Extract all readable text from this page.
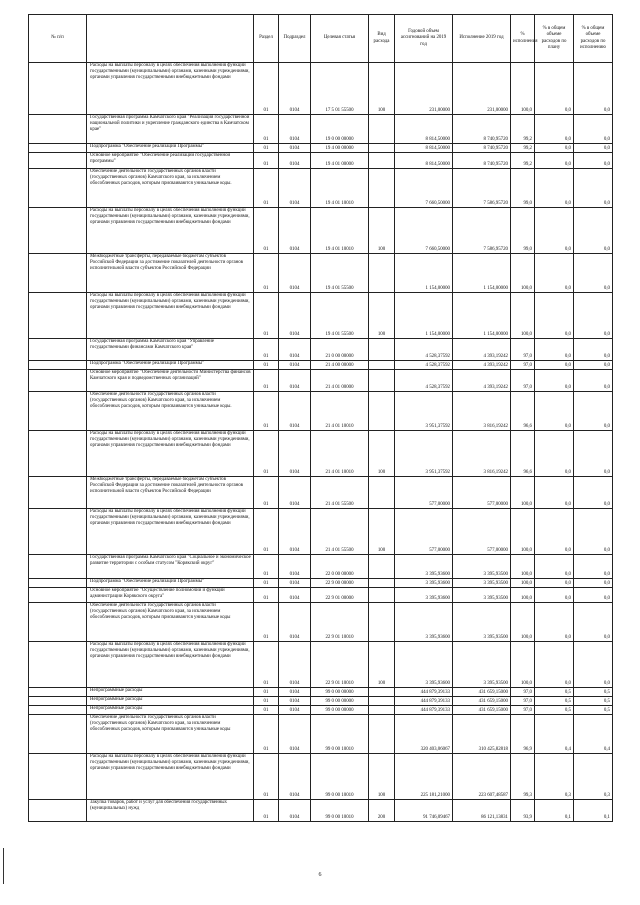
№ п/п		Раздел	Подраздел	Целевая статья	Вид расхода	Годовой объем ассигнований на 2019 год	Исполнение 2019 год	% исполнения	% в общем объеме расходов по плану	% в общем объеме расходов по исполнению
	Расходы на выплаты персоналу в целях обеспечения выполнения функций государственными (муниципальными) органами, казенными учреждениями, органами управления государственными внебюджетными фондами	01	0104	17 5 01 55500	100	231,00000	231,00000	100,0	0,0	0,0
	Государственная программа Камчатского края "Реализация государственной национальной политики и укрепление гражданского единства в Камчатском крае"	01	0104	19 0 00 00000		8 814,50000	8 740,95720	99,2	0,0	0,0
	Подпрограмма "Обеспечение реализации Программы"	01	0104	19 4 00 00000		8 814,50000	8 740,95720	99,2	0,0	0,0
	Основное мероприятие "Обеспечение реализации государственной программы"	01	0104	19 4 01 00000		8 814,50000	8 740,95720	99,2	0,0	0,0
	Обеспечение деятельности государственных органов власти (государственных органов) Камчатского края, за исключением обособленных расходов, которым присваиваются уникальные коды.	01	0104	19 4 01 10010		7 660,50000	7 586,95720	99,0	0,0	0,0
	Расходы на выплаты персоналу в целях обеспечения выполнения функций государственными (муниципальными) органами, казенными учреждениями, органами управления государственными внебюджетными фондами	01	0104	19 4 01 10010	100	7 660,50000	7 586,95720	99,0	0,0	0,0
	Межбюджетные трансферты, передаваемые бюджетам субъектов Российской Федерации за достижение показателей деятельности органов исполнительной власти субъектов Российской Федерации	01	0104	19 4 01 55500		1 154,00000	1 154,00000	100,0	0,0	0,0
	Расходы на выплаты персоналу в целях обеспечения выполнения функций государственными (муниципальными) органами, казенными учреждениями, органами управления государственными внебюджетными фондами	01	0104	19 4 01 55500	100	1 154,00000	1 154,00000	100,0	0,0	0,0
	Государственная программа Камчатского края "Управление государственными финансами Камчатского края"	01	0104	21 0 00 00000		4 528,37592	4 393,19242	97,0	0,0	0,0
	Подпрограмма "Обеспечение реализации Программы"	01	0104	21 4 00 00000		4 528,37592	4 393,19242	97,0	0,0	0,0
	Основное мероприятие "Обеспечение деятельности Министерства финансов Камчатского края и подведомственных организаций"	01	0104	21 4 01 00000		4 528,37592	4 393,19242	97,0	0,0	0,0
	Обеспечение деятельности государственных органов власти (государственных органов) Камчатского края, за исключением обособленных расходов, которым присваиваются уникальные коды.	01	0104	21 4 01 10010		3 951,37592	3 816,19242	96,6	0,0	0,0
	Расходы на выплаты персоналу в целях обеспечения выполнения функций государственными (муниципальными) органами, казенными учреждениями, органами управления государственными внебюджетными фондами	01	0104	21 4 01 10010	100	3 951,37592	3 816,19242	96,6	0,0	0,0
	Межбюджетные трансферты, передаваемые бюджетам субъектов Российской Федерации за достижение показателей деятельности органов исполнительной власти субъектов Российской Федерации	01	0104	21 4 01 55500		577,00000	577,00000	100,0	0,0	0,0
	Расходы на выплаты персоналу в целях обеспечения выполнения функций государственными (муниципальными) органами, казенными учреждениями, органами управления государственными внебюджетными фондами	01	0104	21 4 01 55500	100	577,00000	577,00000	100,0	0,0	0,0
	Государственная программа Камчатского края "Социальное и экономическое развитие территории с особым статусом "Корякский округ"	01	0104	22 0 00 00000		3 395,93600	3 395,93500	100,0	0,0	0,0
	Подпрограмма "Обеспечение реализации Программы"	01	0104	22 9 00 00000		3 395,93600	3 395,93500	100,0	0,0	0,0
	Основное мероприятие "Осуществление полномочий и функций администрации Корякского округа"	01	0104	22 9 01 00000		3 395,93600	3 395,93500	100,0	0,0	0,0
	Обеспечение деятельности государственных органов власти (государственных органов) Камчатского края, за исключением обособленных расходов, которым присваиваются уникальные коды	01	0104	22 9 01 10010		3 395,93600	3 395,93500	100,0	0,0	0,0
	Расходы на выплаты персоналу в целях обеспечения выполнения функций государственными (муниципальными) органами, казенными учреждениями, органами управления государственными внебюджетными фондами	01	0104	22 9 01 10010	100	3 395,93600	3 395,93500	100,0	0,0	0,0
	Непрограммные расходы	01	0104	99 0 00 00000		444 879,39133	431 659,15000	97,0	0,5	0,5
	Непрограммные расходы	01	0104	99 0 00 00000		444 879,39133	431 659,15000	97,0	0,5	0,5
	Непрограммные расходы	01	0104	99 0 00 00000		444 879,39133	431 659,15000	97,0	0,5	0,5
	Обеспечение деятельности государственных органов власти (государственных органов) Камчатского края, за исключением обособленных расходов, которым присваиваются уникальные коды	01	0104	99 0 00 10010		320 403,06067	310 425,82818	96,9	0,4	0,4
	Расходы на выплаты персоналу в целях обеспечения выполнения функций государственными (муниципальными) органами, казенными учреждениями, органами управления государственными внебюджетными фондами	01	0104	99 0 00 10010	100	225 181,21000	223 607,48587	99,3	0,3	0,3
	Закупка товаров, работ и услуг для обеспечения государственных (муниципальных) нужд	01	0104	99 0 00 10010	200	91 746,09467	86 121,13831	93,9	0,1	0,1
6
